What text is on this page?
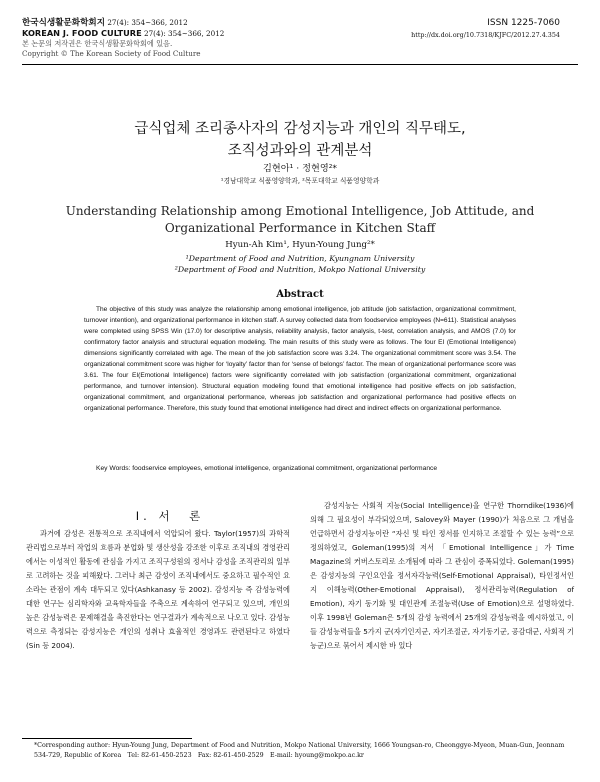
한국식생활문화학회지 27(4): 354~366, 2012
KOREAN J. FOOD CULTURE 27(4): 354~366, 2012
본 논문의 저작권은 한국식생활문화학회에 있음.
Copyright © The Korean Society of Food Culture
ISSN 1225-7060
http://dx.doi.org/10.7318/KJFC/2012.27.4.354
급식업체 조리종사자의 감성지능과 개인의 직무태도,
조직성과와의 관계분석
김현아¹ · 정현영²*
¹경남대학교 식품영양학과, ²목포대학교 식품영양학과
Understanding Relationship among Emotional Intelligence, Job Attitude, and
Organizational Performance in Kitchen Staff
Hyun-Ah Kim¹, Hyun-Young Jung²*
¹Department of Food and Nutrition, Kyungnam University
²Department of Food and Nutrition, Mokpo National University
Abstract
The objective of this study was analyze the relationship among emotional intelligence, job attitude (job satisfaction, organizational commitment, turnover intention), and organizational performance in kitchen staff. A survey collected data from foodservice employees (N=611). Statistical analyses were completed using SPSS Win (17.0) for descriptive analysis, reliability analysis, factor analysis, t-test, correlation analysis, and AMOS (7.0) for confirmatory factor analysis and structural equation modeling. The main results of this study were as follows. The four EI (Emotional Intelligence) dimensions significantly correlated with age. The mean of the job satisfaction score was 3.24. The organizational commitment score was 3.54. The organizational commitment score was higher for ‘loyalty’ factor than for ‘sense of belongs’ factor. The mean of organizational performance score was 3.61. The four EI(Emotional Intelligence) factors were significantly correlated with job satisfaction (organizational commitment, organizational performance, and turnover intension). Structural equation modeling found that emotional intelligence had positive effects on job satisfaction, organizational commitment, and organizational performance, whereas job satisfaction and organizational performance had positive effects on organizational performance. Therefore, this study found that emotional intelligence had direct and indirect effects on organizational performance.
Key Words: foodservice employees, emotional intelligence, organizational commitment, organizational performance
I. 서　론

과거에 감성은 전통적으로 조직내에서 억압되어 왔다. Taylor(1957)의 과학적 관리법으로부터 작업의 흐름과 분업화 및 생산성을 강조한 이후로 조직내의 경영관리에서는 이성적인 활동에 관심을 가지고 조직구성원의 정서나 감성을 조직관리의 일부로 고려하는 것을 피해왔다. 그러나 최근 감성이 조직내에서도 중요하고 필수적인 요소라는 관점이 계속 대두되고 있다(Ashkanasy 등 2002). 감성지능 즉 감성능력에 대한 연구는 심리학자와 교육학자들을 주축으로 계속하여 연구되고 있으며, 개인의 높은 감성능력은 문제해결을 촉진한다는 연구결과가 계속적으로 나오고 있다. 감성능력으로 측정되는 감성지능은 개인의 성취나 효율적인 경영과도 관련된다고 하였다(Sin 등 2004).

감성지능는 사회적 지능(Social Intelligence)을 연구한 Thorndike(1936)에 의해 그 필요성이 부각되었으며, Salovey와 Mayer (1990)가 처음으로 그 개념을 언급하면서 감성지능이란 “자신 및 타인 정서를 인지하고 조절할 수 있는 능력”으로 정의하였고, Goleman(1995)의 저서 「Emotional Intelligence」가 Time Magazine의 커버스토리로 소개됨에 따라 그 관심이 증폭되었다. Goleman(1995)은 감성지능의 구인요인을 정서자각능력(Self-Emotional Appraisal), 타인정서인지 이해능력(Other-Emotional Appraisal), 정서관리능력(Regulation of Emotion), 자기 동기화 및 대인관계 조절능력(Use of Emotion)으로 설명하였다. 이후 1998년 Goleman은 5개의 감성 능력에서 25개의 감성능력을 예시하였고, 이들 감성능력들을 5가지 군(자기인지군, 자기조절군, 자기동기군, 공감대군, 사회적 기능군)으로 묶어서 제시한 바 있다

*Corresponding author: Hyun-Young Jung, Department of Food and Nutrition, Mokpo National University, 1666 Youngsan-ro, Cheonggye-Myeon, Muan-Gun, Jeonnam 534-729, Republic of Korea　Tel: 82-61-450-2523　Fax: 82-61-450-2529　E-mail: hyoung@mokpo.ac.kr
